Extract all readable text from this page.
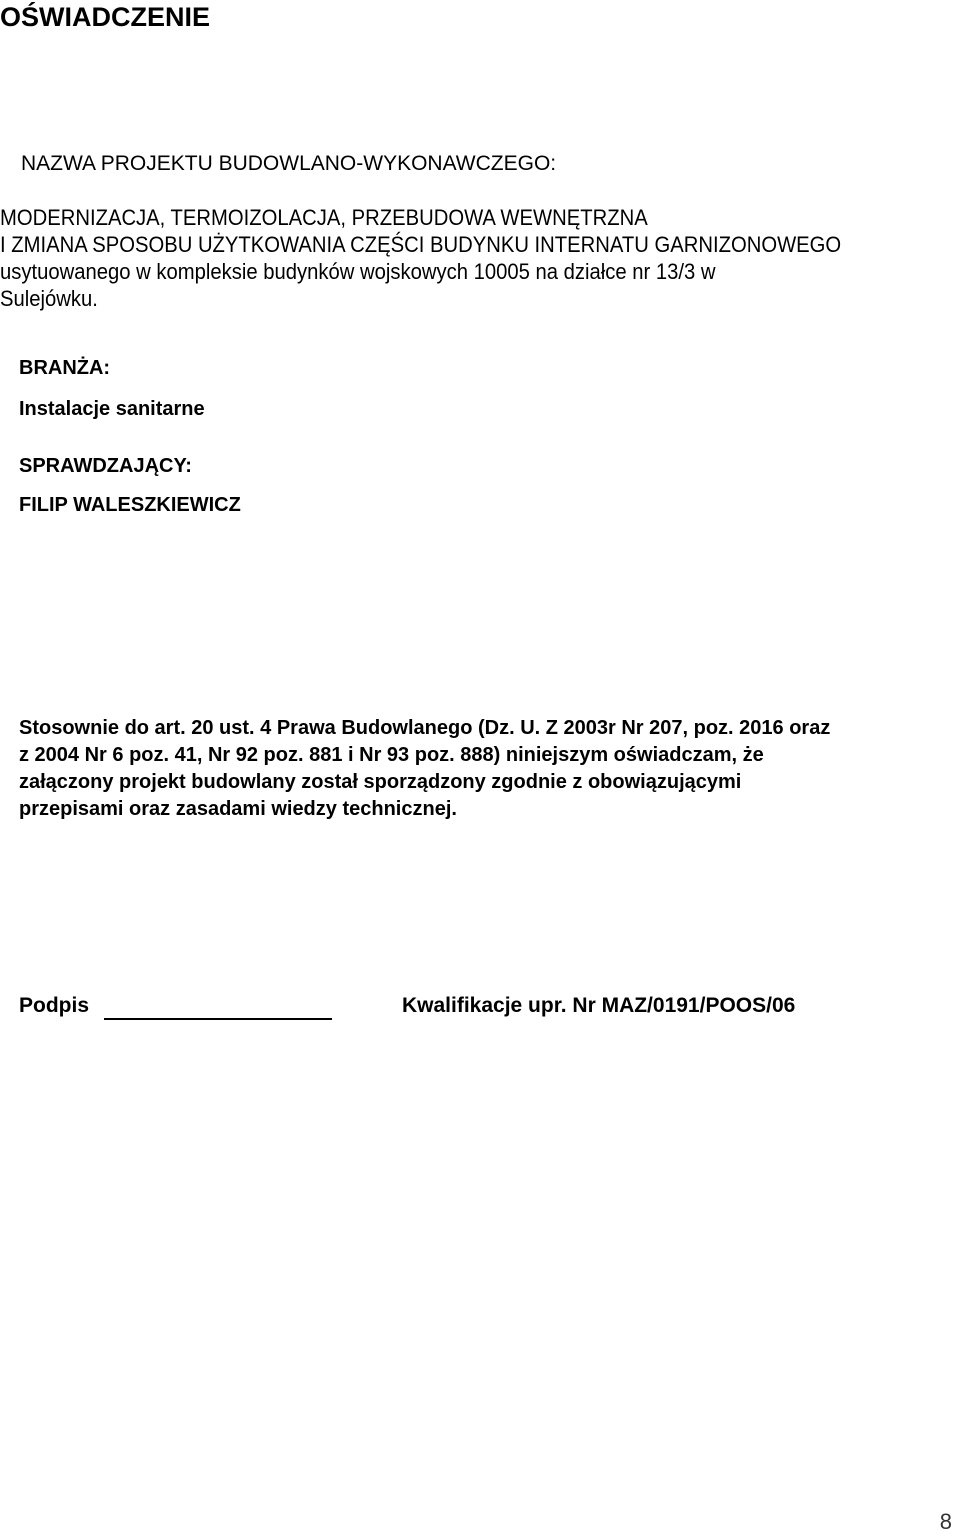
OŚWIADCZENIE
NAZWA PROJEKTU BUDOWLANO-WYKONAWCZEGO:
MODERNIZACJA, TERMOIZOLACJA, PRZEBUDOWA WEWNĘTRZNA
I ZMIANA SPOSOBU UŻYTKOWANIA CZĘŚCI BUDYNKU INTERNATU GARNIZONOWEGO
usytuowanego w kompleksie budynków wojskowych 10005 na działce nr 13/3 w
Sulejówku.
BRANŻA:
Instalacje sanitarne
SPRAWDZAJĄCY:
FILIP WALESZKIEWICZ
Stosownie do art. 20 ust. 4 Prawa Budowlanego (Dz. U. Z 2003r Nr 207, poz. 2016 oraz
z 2004 Nr 6 poz. 41, Nr 92 poz. 881 i Nr 93 poz. 888) niniejszym oświadczam, że
załączony projekt budowlany został sporządzony zgodnie z obowiązującymi
przepisami oraz zasadami wiedzy technicznej.
Podpis	Kwalifikacje upr. Nr MAZ/0191/POOS/06
8
